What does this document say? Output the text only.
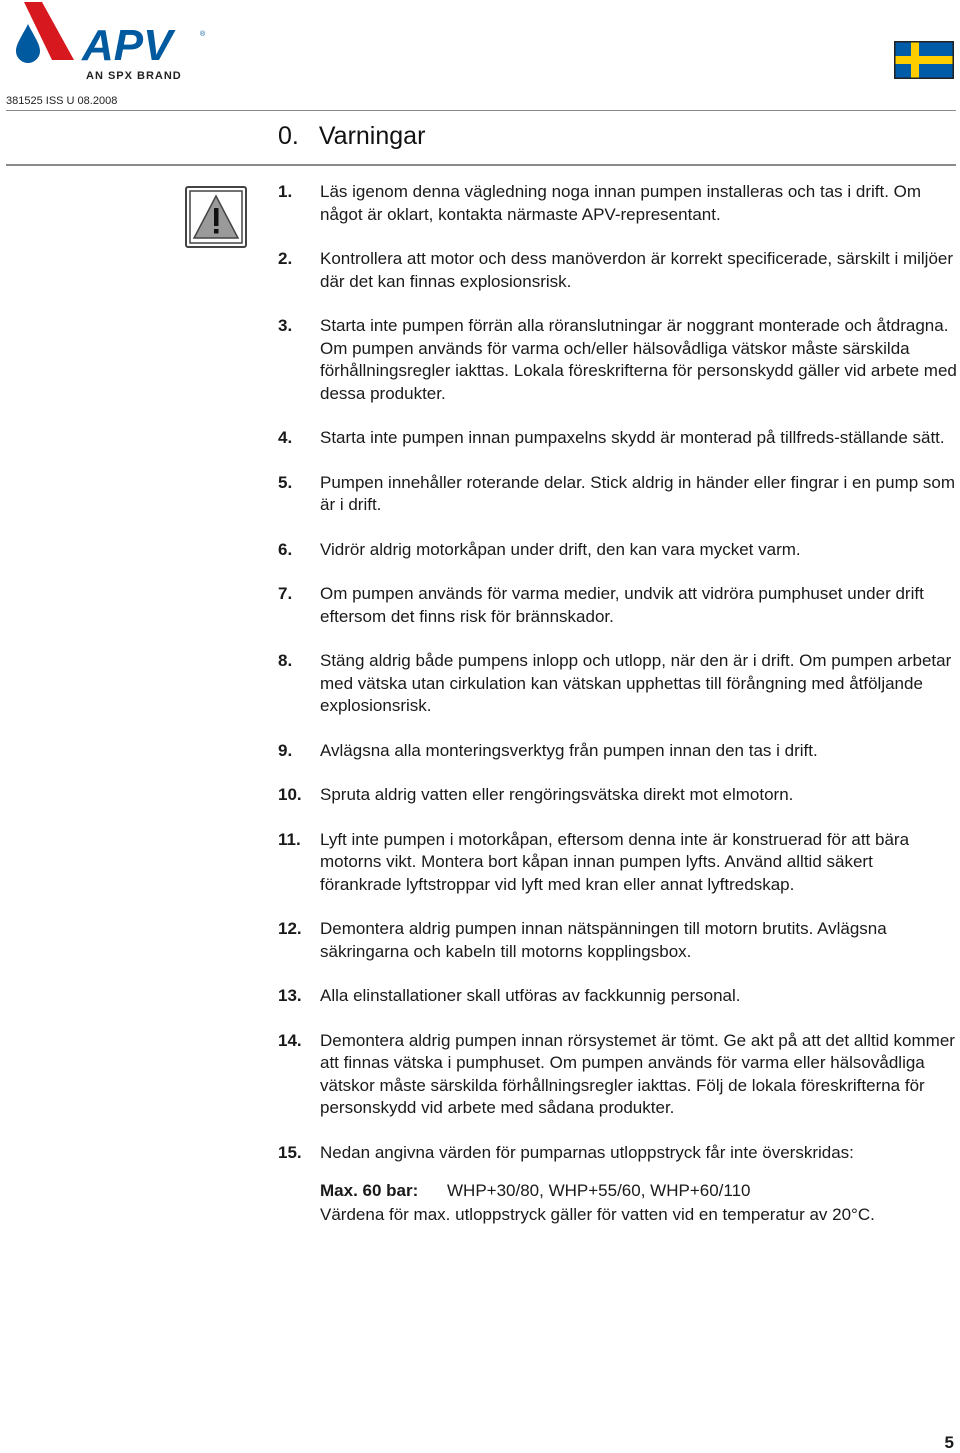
APV	®
AN SPX BRAND
381525 ISS U 08.2008
0. Varningar
1.	Läs igenom denna vägledning noga innan pumpen installeras och tas i drift. Om något är oklart, kontakta närmaste APV-representant.
2.	Kontrollera att motor och dess manöverdon är korrekt specificerade, särskilt i miljöer där det kan finnas explosionsrisk.
3.	Starta inte pumpen förrän alla röranslutningar är noggrant monterade och åtdragna. Om pumpen används för varma och/eller hälsovådliga vätskor måste särskilda förhållningsregler iakttas. Lokala föreskrifterna för personskydd gäller vid arbete med dessa produkter.
4.	Starta inte pumpen innan pumpaxelns skydd är monterad på tillfreds-ställande sätt.
5.	Pumpen innehåller roterande delar. Stick aldrig in händer eller fingrar i en pump som är i drift.
6.	Vidrör aldrig motorkåpan under drift, den kan vara mycket varm.
7.	Om pumpen används för varma medier, undvik att vidröra pumphuset under drift eftersom det finns risk för brännskador.
8.	Stäng aldrig både pumpens inlopp och utlopp, när den är i drift. Om pumpen arbetar med vätska utan cirkulation kan vätskan upphettas till förångning med åtföljande explosionsrisk.
9.	Avlägsna alla monteringsverktyg från pumpen innan den tas i drift.
10.	Spruta aldrig vatten eller rengöringsvätska direkt mot elmotorn.
11.	Lyft inte pumpen i motorkåpan, eftersom denna inte är konstruerad för att bära motorns vikt. Montera bort kåpan innan pumpen lyfts. Använd alltid säkert förankrade lyftstroppar vid lyft med kran eller annat lyftredskap.
12.	Demontera aldrig pumpen innan nätspänningen till motorn brutits. Avlägsna säkringarna och kabeln till motorns kopplingsbox.
13.	Alla elinstallationer skall utföras av fackkunnig personal.
14.	Demontera aldrig pumpen innan rörsystemet är tömt. Ge akt på att det alltid kommer att finnas vätska i pumphuset. Om pumpen används för varma eller hälsovådliga vätskor måste särskilda förhållningsregler iakttas. Följ de lokala föreskrifterna för personskydd vid arbete med sådana produkter.
15.	Nedan angivna värden för pumparnas utloppstryck får inte överskridas:
Max. 60 bar:	WHP+30/80, WHP+55/60, WHP+60/110
Värdena för max. utloppstryck gäller för vatten vid en temperatur av 20°C.
5
